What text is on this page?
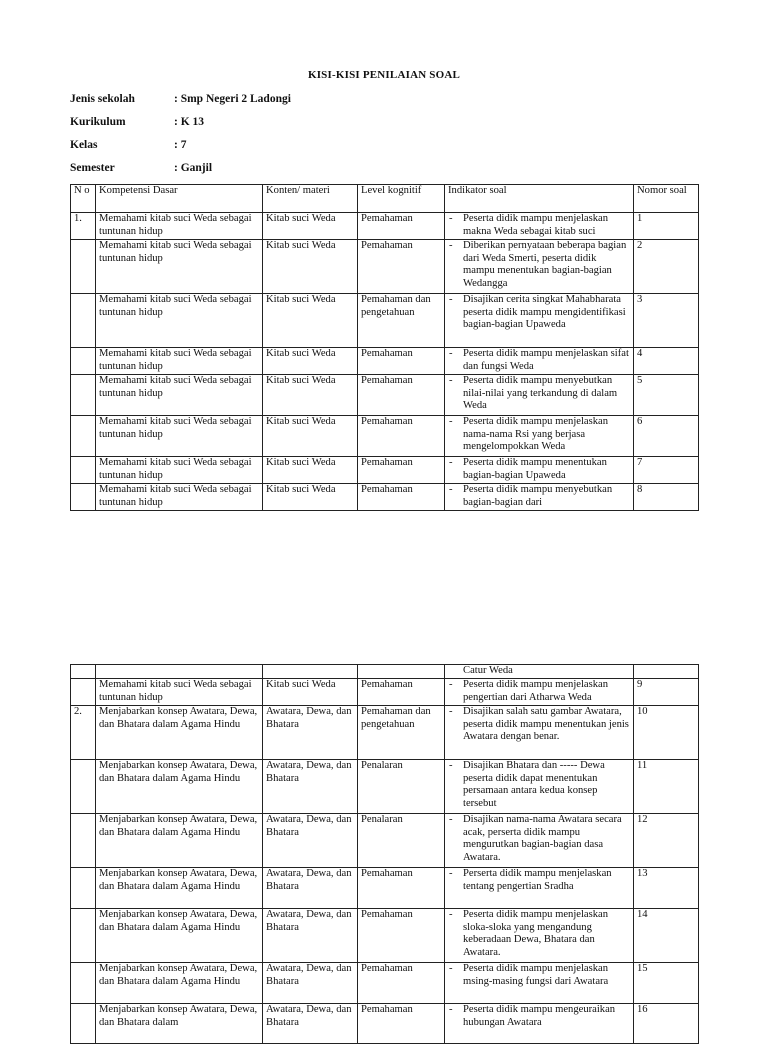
KISI-KISI PENILAIAN SOAL
Jenis sekolah	: Smp Negeri 2 Ladongi
Kurikulum	: K 13
Kelas	: 7
Semester	: Ganjil
N o	Kompetensi Dasar	Konten/ materi	Level kognitif	Indikator soal	Nomor soal
1.	Memahami kitab suci Weda sebagai tuntunan hidup	Kitab suci Weda	Pemahaman	- Peserta didik mampu menjelaskan makna Weda sebagai kitab suci	1
	Memahami kitab suci Weda sebagai tuntunan hidup	Kitab suci Weda	Pemahaman	- Diberikan pernyataan beberapa bagian dari Weda Smerti, peserta didik mampu menentukan bagian-bagian Wedangga	2
	Memahami kitab suci Weda sebagai tuntunan hidup	Kitab suci Weda	Pemahaman dan pengetahuan	- Disajikan cerita singkat Mahabharata peserta didik mampu mengidentifikasi bagian-bagian Upaweda	3
	Memahami kitab suci Weda sebagai tuntunan hidup	Kitab suci Weda	Pemahaman	- Peserta didik mampu menjelaskan sifat dan fungsi Weda	4
	Memahami kitab suci Weda sebagai tuntunan hidup	Kitab suci Weda	Pemahaman	- Peserta didik mampu menyebutkan nilai-nilai yang terkandung di dalam Weda	5
	Memahami kitab suci Weda sebagai tuntunan hidup	Kitab suci Weda	Pemahaman	- Peserta didik mampu menjelaskan nama-nama Rsi yang berjasa mengelompokkan Weda	6
	Memahami kitab suci Weda sebagai tuntunan hidup	Kitab suci Weda	Pemahaman	- Peserta didik mampu menentukan bagian-bagian Upaweda	7
	Memahami kitab suci Weda sebagai tuntunan hidup	Kitab suci Weda	Pemahaman	- Peserta didik mampu menyebutkan bagian-bagian dari	8

				Catur Weda	

	Memahami kitab suci Weda sebagai tuntunan hidup	Kitab suci Weda	Pemahaman	- Peserta didik mampu menjelaskan pengertian dari Atharwa Weda	9
2.	Menjabarkan konsep Awatara, Dewa, dan Bhatara dalam Agama Hindu	Awatara, Dewa, dan Bhatara	Pemahaman dan pengetahuan	- Disajikan salah satu gambar Awatara, peserta didik mampu menentukan jenis Awatara dengan benar.	10
	Menjabarkan konsep Awatara, Dewa, dan Bhatara dalam Agama Hindu	Awatara, Dewa, dan Bhatara	Penalaran	- Disajikan Bhatara dan ----- Dewa peserta didik dapat menentukan persamaan antara kedua konsep tersebut	11
	Menjabarkan konsep Awatara, Dewa, dan Bhatara dalam Agama Hindu	Awatara, Dewa, dan Bhatara	Penalaran	- Disajikan nama-nama Awatara secara acak, perserta didik mampu mengurutkan bagian-bagian dasa Awatara.	12
	Menjabarkan konsep Awatara, Dewa, dan Bhatara dalam Agama Hindu	Awatara, Dewa, dan Bhatara	Pemahaman	- Perserta didik mampu menjelaskan tentang pengertian Sradha	13
	Menjabarkan konsep Awatara, Dewa, dan Bhatara dalam Agama Hindu	Awatara, Dewa, dan Bhatara	Pemahaman	- Peserta didik mampu menjelaskan sloka-sloka yang mengandung keberadaan Dewa, Bhatara dan Awatara.	14
	Menjabarkan konsep Awatara, Dewa, dan Bhatara dalam Agama Hindu	Awatara, Dewa, dan Bhatara	Pemahaman	- Peserta didik mampu menjelaskan msing-masing fungsi dari Awatara	15
	Menjabarkan konsep Awatara, Dewa, dan Bhatara dalam	Awatara, Dewa, dan Bhatara	Pemahaman	- Peserta didik mampu mengeuraikan hubungan Awatara	16
